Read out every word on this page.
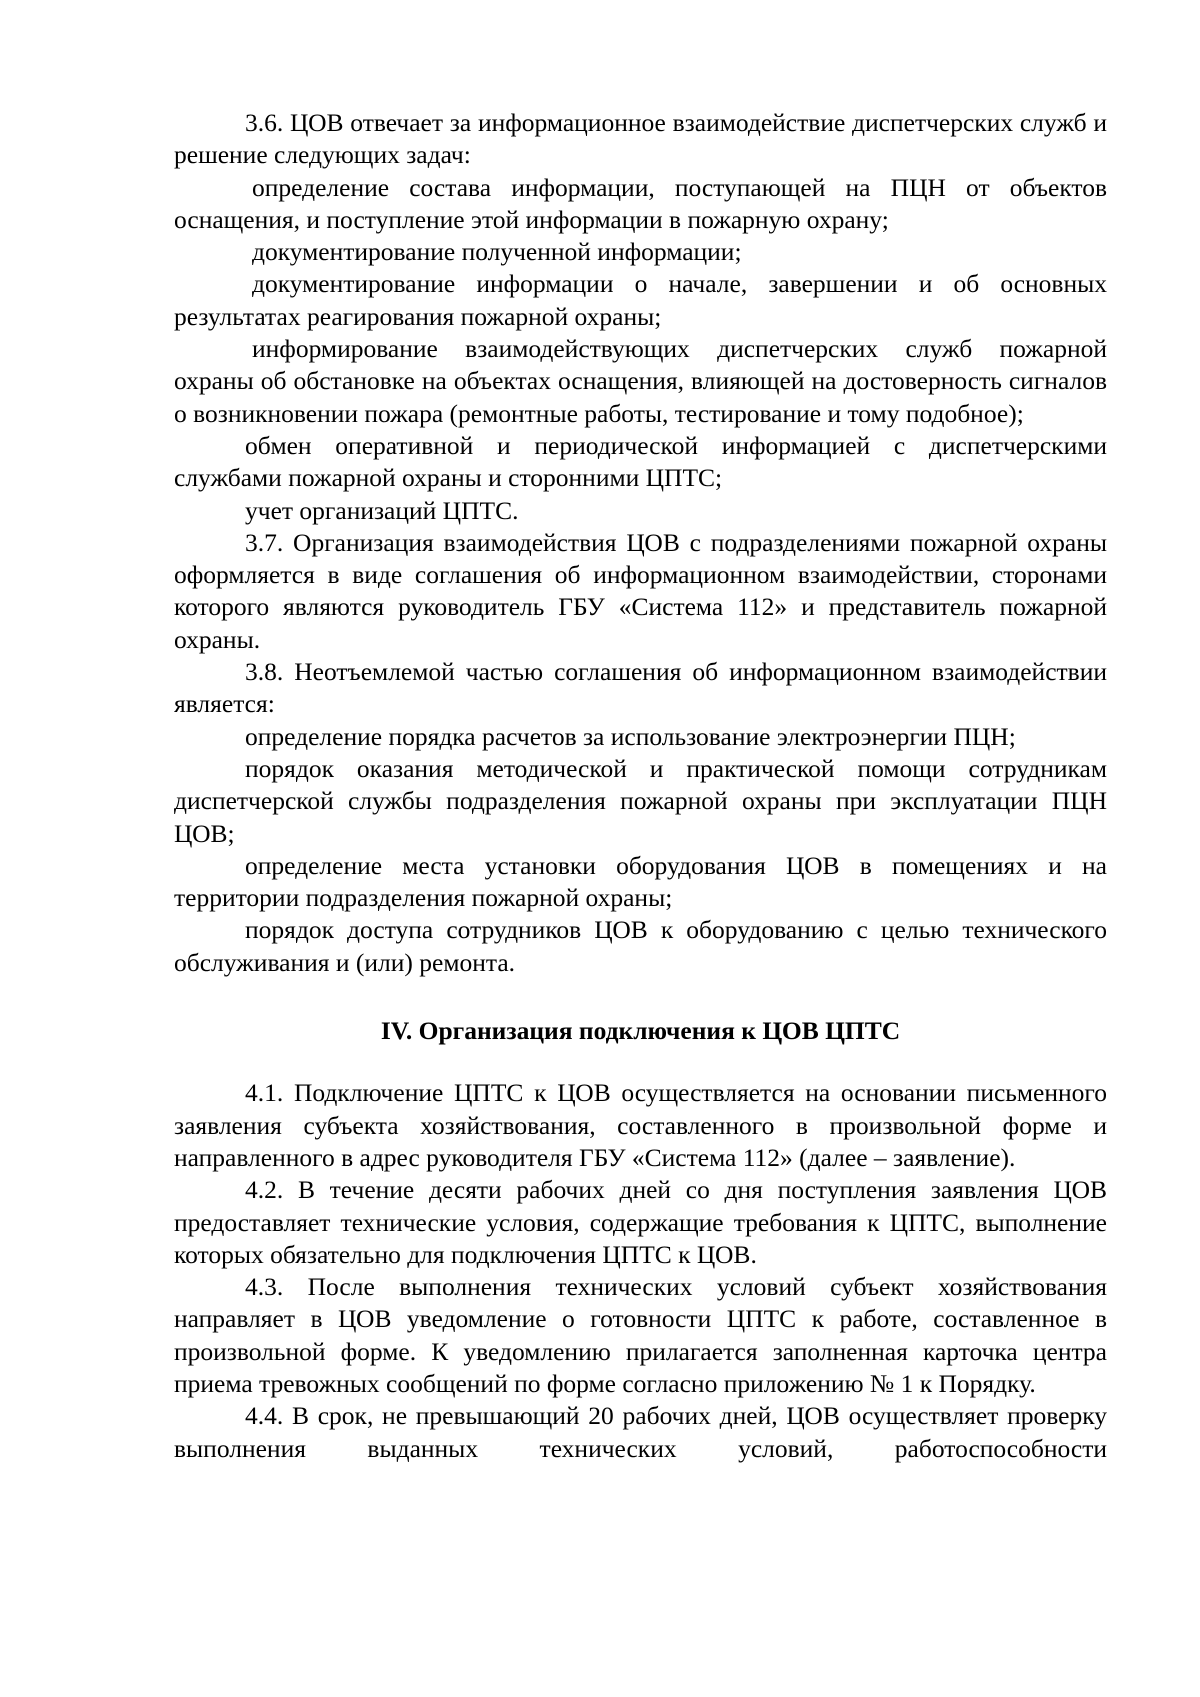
3.6. ЦОВ отвечает за информационное взаимодействие диспетчерских служб и решение следующих задач:

определение состава информации, поступающей на ПЦН от объектов оснащения, и поступление этой информации в пожарную охрану;

документирование полученной информации;

документирование информации о начале, завершении и об основных результатах реагирования пожарной охраны;

информирование взаимодействующих диспетчерских служб пожарной охраны об обстановке на объектах оснащения, влияющей на достоверность сигналов о возникновении пожара (ремонтные работы, тестирование и тому подобное);

обмен оперативной и периодической информацией с диспетчерскими службами пожарной охраны и сторонними ЦПТС;

учет организаций ЦПТС.

3.7. Организация взаимодействия ЦОВ с подразделениями пожарной охраны оформляется в виде соглашения об информационном взаимодействии, сторонами которого являются руководитель ГБУ «Система 112» и представитель пожарной охраны.

3.8. Неотъемлемой частью соглашения об информационном взаимодействии является:

определение порядка расчетов за использование электроэнергии ПЦН;

порядок оказания методической и практической помощи сотрудникам диспетчерской службы подразделения пожарной охраны при эксплуатации ПЦН ЦОВ;

определение места установки оборудования ЦОВ в помещениях и на территории подразделения пожарной охраны;

порядок доступа сотрудников ЦОВ к оборудованию с целью технического обслуживания и (или) ремонта.

IV. Организация подключения к ЦОВ ЦПТС

4.1. Подключение ЦПТС к ЦОВ осуществляется на основании письменного заявления субъекта хозяйствования, составленного в произвольной форме и направленного в адрес руководителя ГБУ «Система 112» (далее – заявление).

4.2. В течение десяти рабочих дней со дня поступления заявления ЦОВ предоставляет технические условия, содержащие требования к ЦПТС, выполнение которых обязательно для подключения ЦПТС к ЦОВ.

4.3. После выполнения технических условий субъект хозяйствования направляет в ЦОВ уведомление о готовности ЦПТС к работе, составленное в произвольной форме. К уведомлению прилагается заполненная карточка центра приема тревожных сообщений по форме согласно приложению № 1 к Порядку.

4.4. В срок, не превышающий 20 рабочих дней, ЦОВ осуществляет проверку выполнения выданных технических условий, работоспособности
